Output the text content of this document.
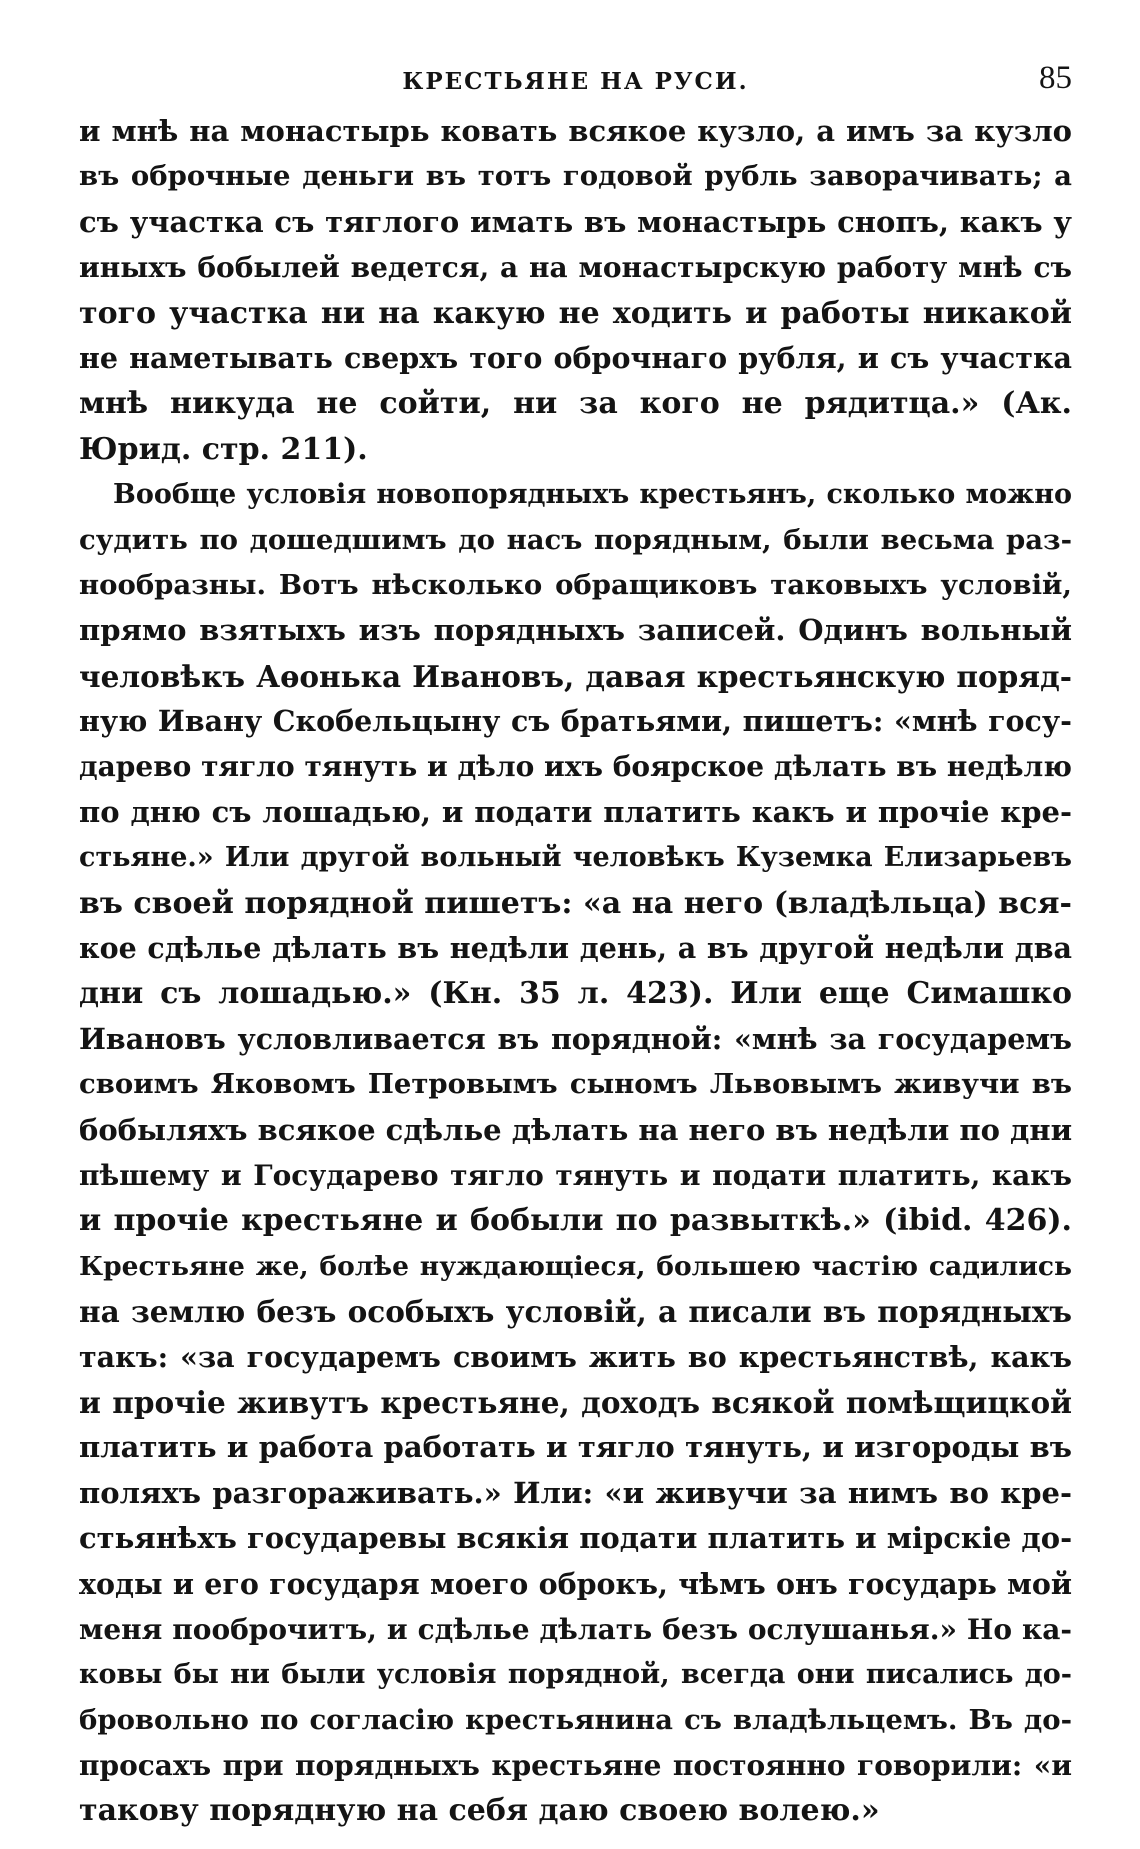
КРЕСТЬЯНЕ НА РУСИ.	85
и мнѣ на монастырь ковать всякое кузло, а имъ за кузло
въ оброчные деньги въ тотъ годовой рубль заворачивать; а
съ участка съ тяглого имать въ монастырь снопъ, какъ у
иныхъ бобылей ведется, а на монастырскую работу мнѣ съ
того участка ни на какую не ходить и работы никакой
не наметывать сверхъ того оброчнаго рубля, и съ участка
мнѣ никуда не сойти, ни за кого не рядитца.» (Ак.
Юрид. стр. 211).
Вообще условія новопорядныхъ крестьянъ, сколько можно
судить по дошедшимъ до насъ порядным, были весьма раз-
нообразны. Вотъ нѣсколько обращиковъ таковыхъ условій,
прямо взятыхъ изъ порядныхъ записей. Одинъ вольный
человѣкъ Аѳонька Ивановъ, давая крестьянскую поряд-
ную Ивану Скобельцыну съ братьями, пишетъ: «мнѣ госу-
дарево тягло тянуть и дѣло ихъ боярское дѣлать въ недѣлю
по дню съ лошадью, и подати платить какъ и прочіе кре-
стьяне.» Или другой вольный человѣкъ Куземка Елизарьевъ
въ своей порядной пишетъ: «а на него (владѣльца) вся-
кое сдѣлье дѣлать въ недѣли день, а въ другой недѣли два
дни съ лошадью.» (Кн. 35 л. 423). Или еще Симашко
Ивановъ условливается въ порядной: «мнѣ за государемъ
своимъ Яковомъ Петровымъ сыномъ Львовымъ живучи въ
бобыляхъ всякое сдѣлье дѣлать на него въ недѣли по дни
пѣшему и Государево тягло тянуть и подати платить, какъ
и прочіе крестьяне и бобыли по развыткѣ.» (ibid. 426).
Крестьяне же, болѣе нуждающіеся, большею частію садились
на землю безъ особыхъ условій, а писали въ порядныхъ
такъ: «за государемъ своимъ жить во крестьянствѣ, какъ
и прочіе живутъ крестьяне, доходъ всякой помѣщицкой
платить и работа работать и тягло тянуть, и изгороды въ
поляхъ разгораживать.» Или: «и живучи за нимъ во кре-
стьянѣхъ государевы всякія подати платить и мірскіе до-
ходы и его государя моего оброкъ, чѣмъ онъ государь мой
меня пооброчитъ, и сдѣлье дѣлать безъ ослушанья.» Но ка-
ковы бы ни были условія порядной, всегда они писались до-
бровольно по согласію крестьянина съ владѣльцемъ. Въ до-
просахъ при порядныхъ крестьяне постоянно говорили: «и
такову порядную на себя даю своею волею.»
